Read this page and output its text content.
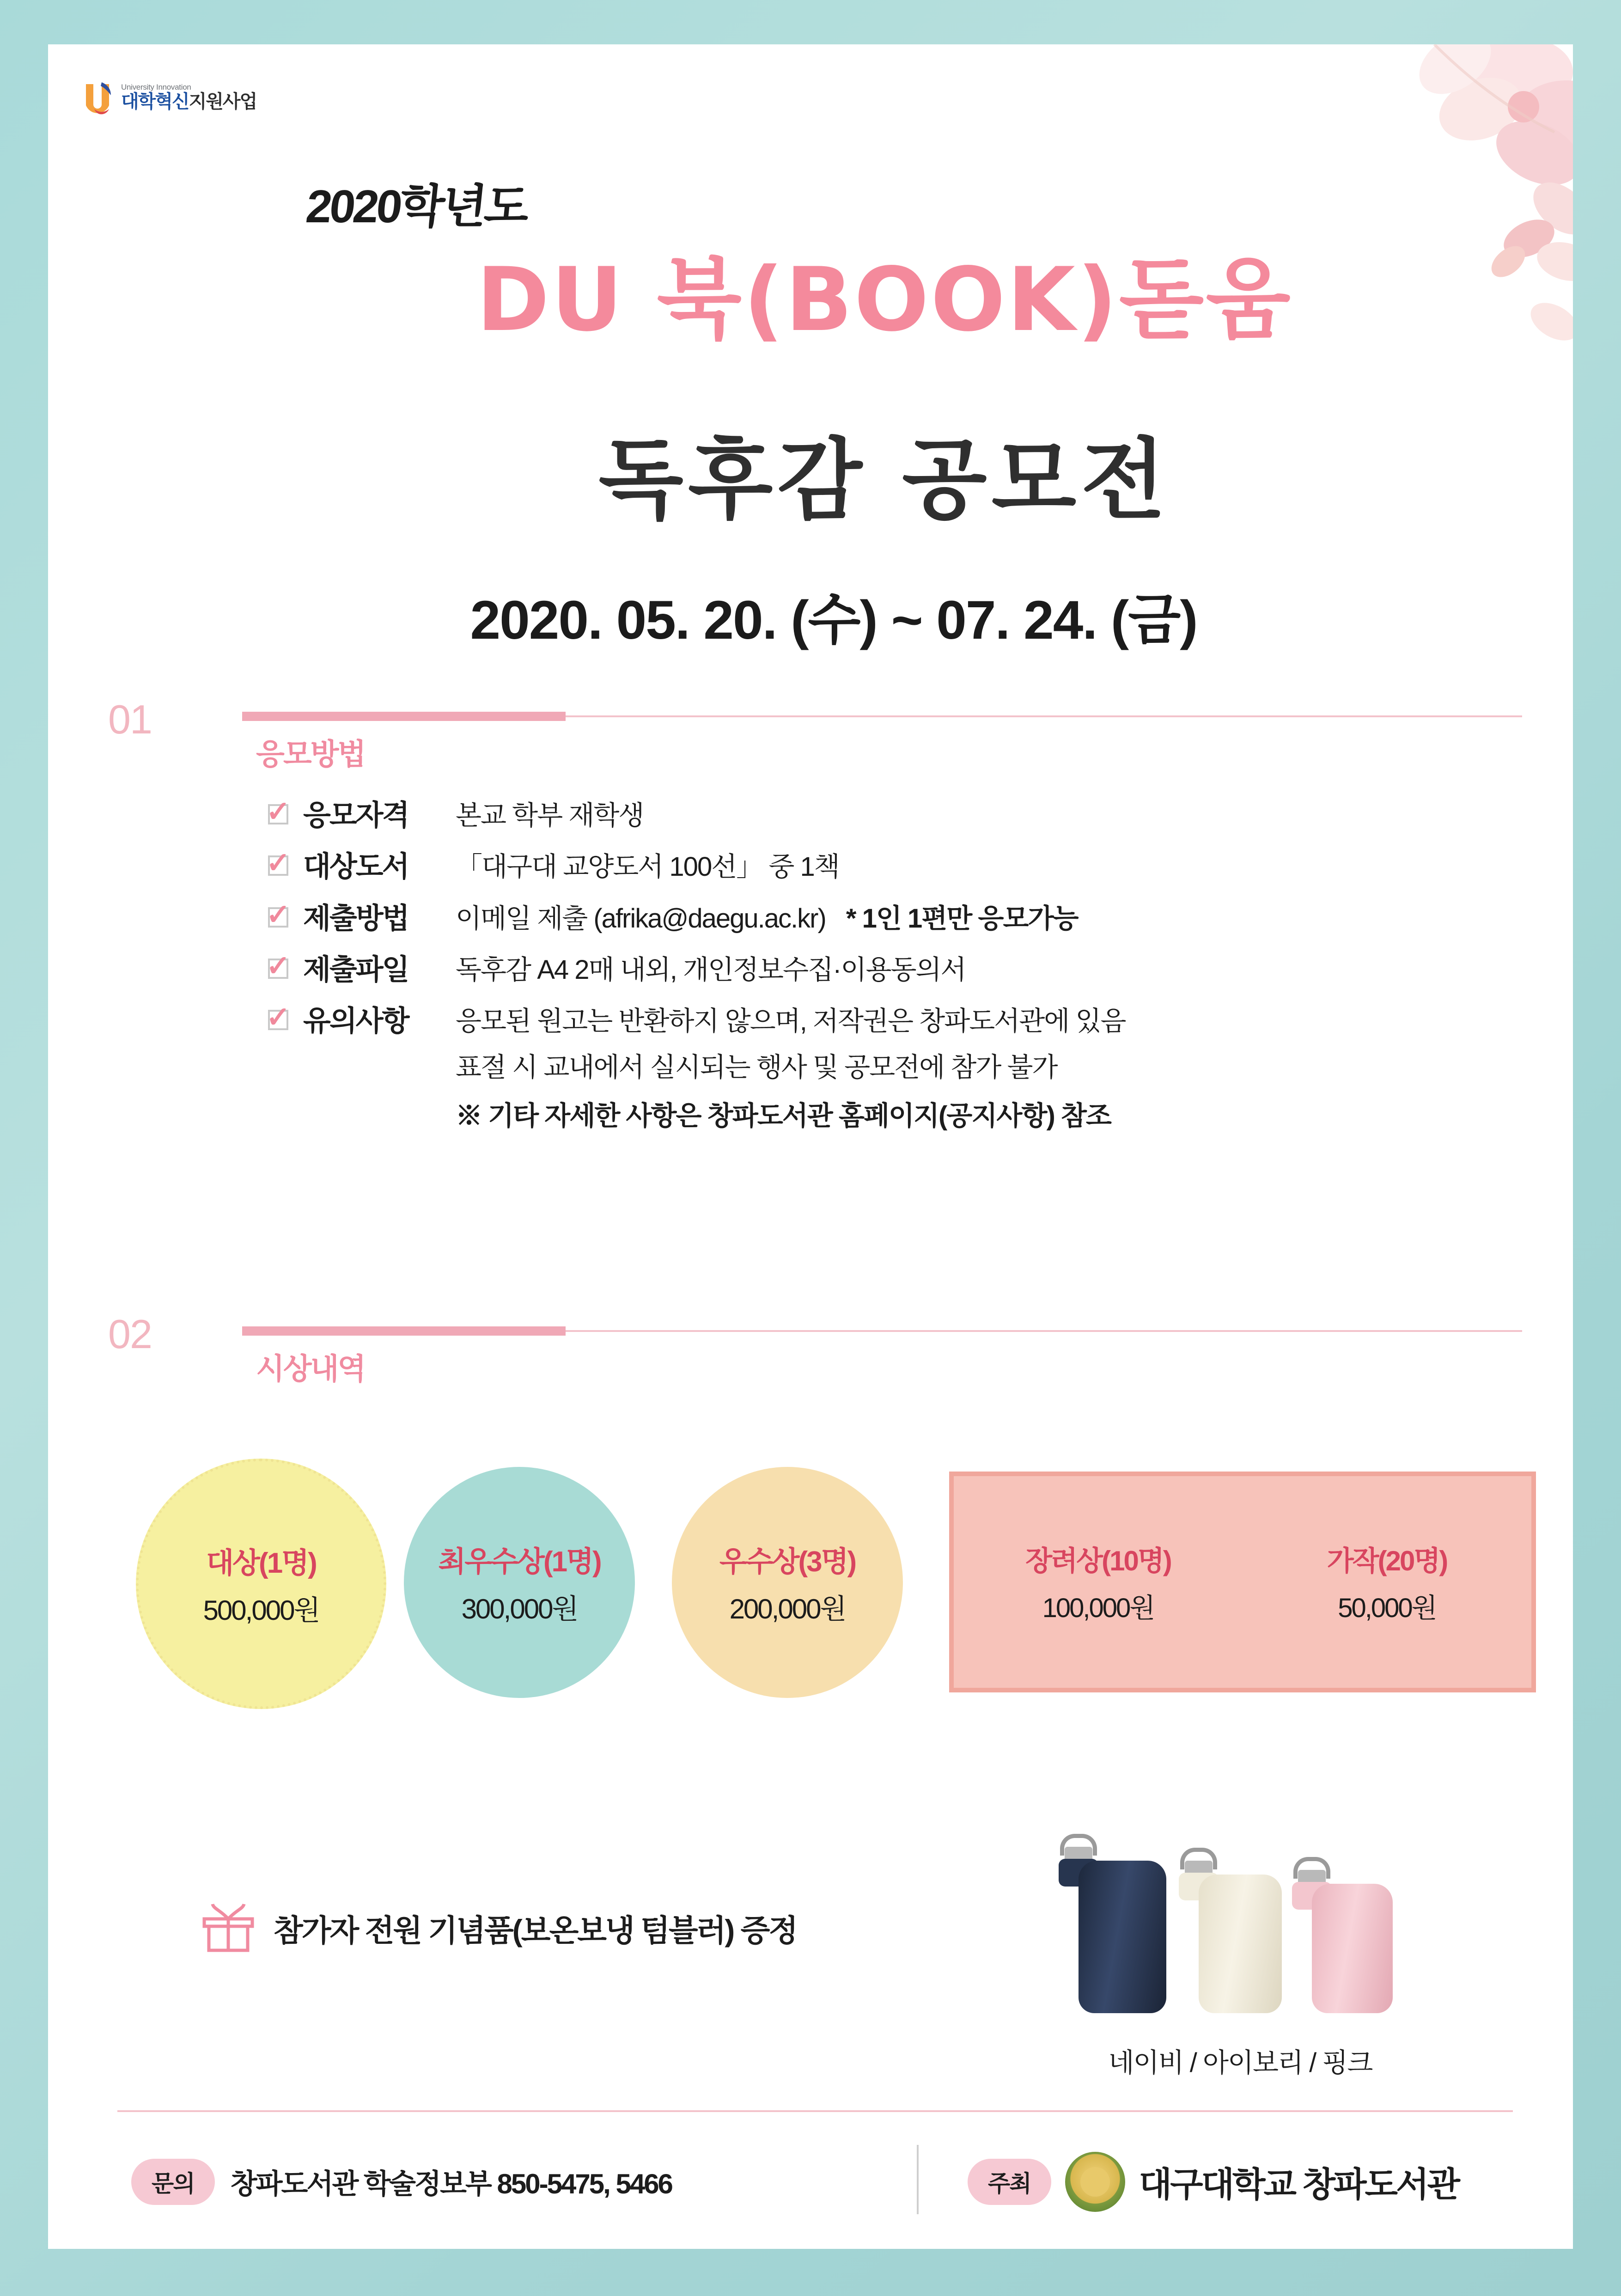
University Innovation
대학혁신지원사업
2020학년도
DU 북(BOOK)돋움
독후감 공모전
2020. 05. 20. (수) ~ 07. 24. (금)
01
응모방법
✓ 응모자격	본교 학부 재학생
✓ 대상도서	「대구대 교양도서 100선」 중 1책
✓ 제출방법	이메일 제출 (afrika@daegu.ac.kr) * 1인 1편만 응모가능
✓ 제출파일	독후감 A4 2매 내외, 개인정보수집·이용동의서
✓ 유의사항	응모된 원고는 반환하지 않으며, 저작권은 창파도서관에 있음
표절 시 교내에서 실시되는 행사 및 공모전에 참가 불가
※ 기타 자세한 사항은 창파도서관 홈페이지(공지사항) 참조
02
시상내역
대상(1명)
500,000원
최우수상(1명)
300,000원
우수상(3명)
200,000원
장려상(10명)
100,000원
가작(20명)
50,000원
참가자 전원 기념품(보온보냉 텀블러) 증정
네이비 / 아이보리 / 핑크
문의	창파도서관 학술정보부 850-5475, 5466	주최	대구대학교 창파도서관
